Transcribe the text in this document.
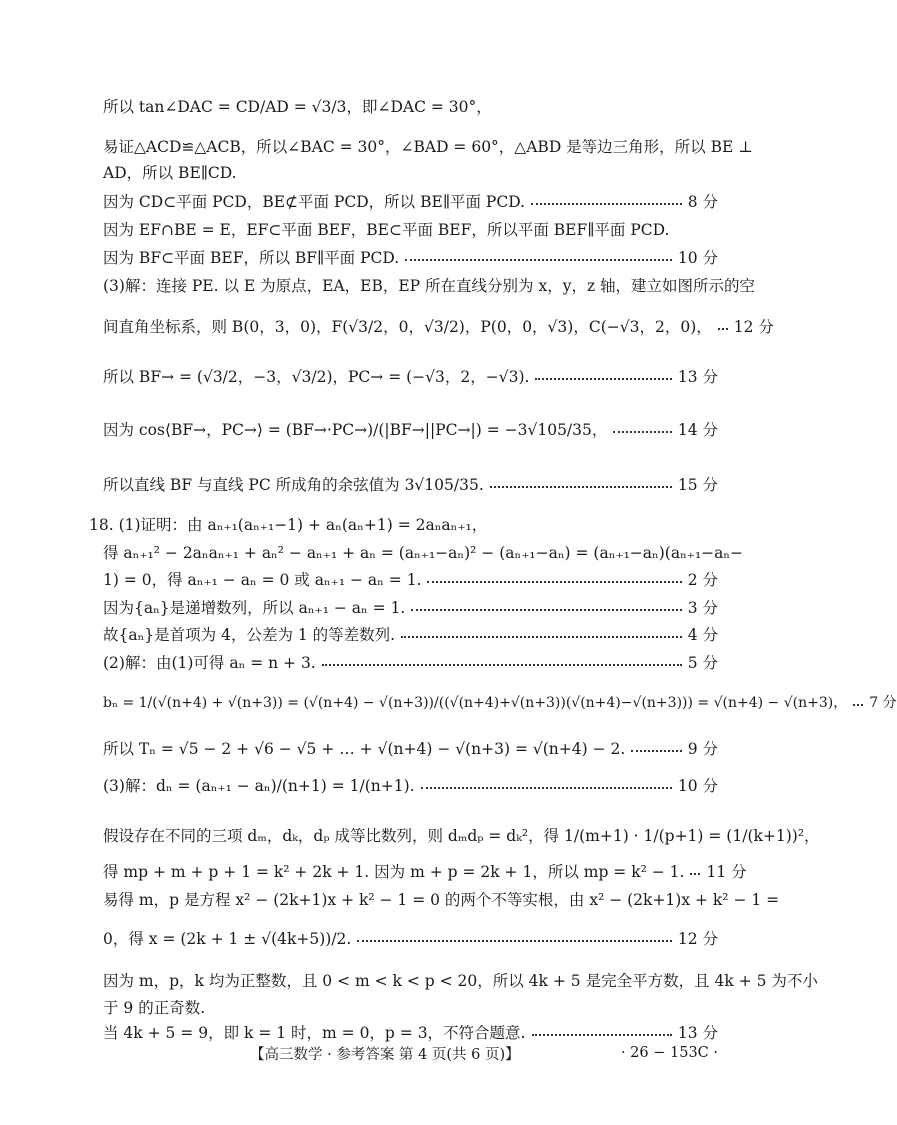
所以 tan∠DAC = CD/AD = √3/3，即∠DAC = 30°，
易证△ACD≌△ACB，所以∠BAC = 30°，∠BAD = 60°，△ABD 是等边三角形，所以 BE ⊥
AD，所以 BE∥CD.
因为 CD⊂平面 PCD，BE⊄平面 PCD，所以 BE∥平面 PCD.	8 分
因为 EF∩BE = E，EF⊂平面 BEF，BE⊂平面 BEF，所以平面 BEF∥平面 PCD.
因为 BF⊂平面 BEF，所以 BF∥平面 PCD.	10 分
(3)解：连接 PE. 以 E 为原点，EA，EB，EP 所在直线分别为 x，y，z 轴，建立如图所示的空
间直角坐标系，则 B(0，3，0)，F(√3/2，0，√3/2)，P(0，0，√3)，C(−√3，2，0)， 12 分
所以 BF→ = (√3/2，−3，√3/2)，PC→ = (−√3，2，−√3).	13 分
因为 cos⟨BF→，PC→⟩ = (BF→·PC→)/(|BF→||PC→|) = −3√105/35，	14 分
所以直线 BF 与直线 PC 所成角的余弦值为 3√105/35.	15 分
18. (1)证明：由 aₙ₊₁(aₙ₊₁−1) + aₙ(aₙ+1) = 2aₙaₙ₊₁，
得 aₙ₊₁² − 2aₙaₙ₊₁ + aₙ² − aₙ₊₁ + aₙ = (aₙ₊₁−aₙ)² − (aₙ₊₁−aₙ) = (aₙ₊₁−aₙ)(aₙ₊₁−aₙ−
1) = 0，得 aₙ₊₁ − aₙ = 0 或 aₙ₊₁ − aₙ = 1.	2 分
因为{aₙ}是递增数列，所以 aₙ₊₁ − aₙ = 1.	3 分
故{aₙ}是首项为 4，公差为 1 的等差数列.	4 分
(2)解：由(1)可得 aₙ = n + 3.	5 分
bₙ = 1/(√(n+4) + √(n+3)) = (√(n+4) − √(n+3))/((√(n+4)+√(n+3))(√(n+4)−√(n+3))) = √(n+4) − √(n+3)， 7 分
所以 Tₙ = √5 − 2 + √6 − √5 + … + √(n+4) − √(n+3) = √(n+4) − 2.	9 分
(3)解：dₙ = (aₙ₊₁ − aₙ)/(n+1) = 1/(n+1).	10 分
假设存在不同的三项 dₘ，dₖ，dₚ 成等比数列，则 dₘdₚ = dₖ²，得 1/(m+1) · 1/(p+1) = (1/(k+1))²，
得 mp + m + p + 1 = k² + 2k + 1. 因为 m + p = 2k + 1，所以 mp = k² − 1. 11 分
易得 m，p 是方程 x² − (2k+1)x + k² − 1 = 0 的两个不等实根，由 x² − (2k+1)x + k² − 1 =
0，得 x = (2k + 1 ± √(4k+5))/2.	12 分
因为 m，p，k 均为正整数，且 0 < m < k < p < 20，所以 4k + 5 是完全平方数，且 4k + 5 为不小
于 9 的正奇数.
当 4k + 5 = 9，即 k = 1 时，m = 0，p = 3，不符合题意.	13 分
【高三数学 · 参考答案 第 4 页(共 6 页)】	· 26 − 153C ·
